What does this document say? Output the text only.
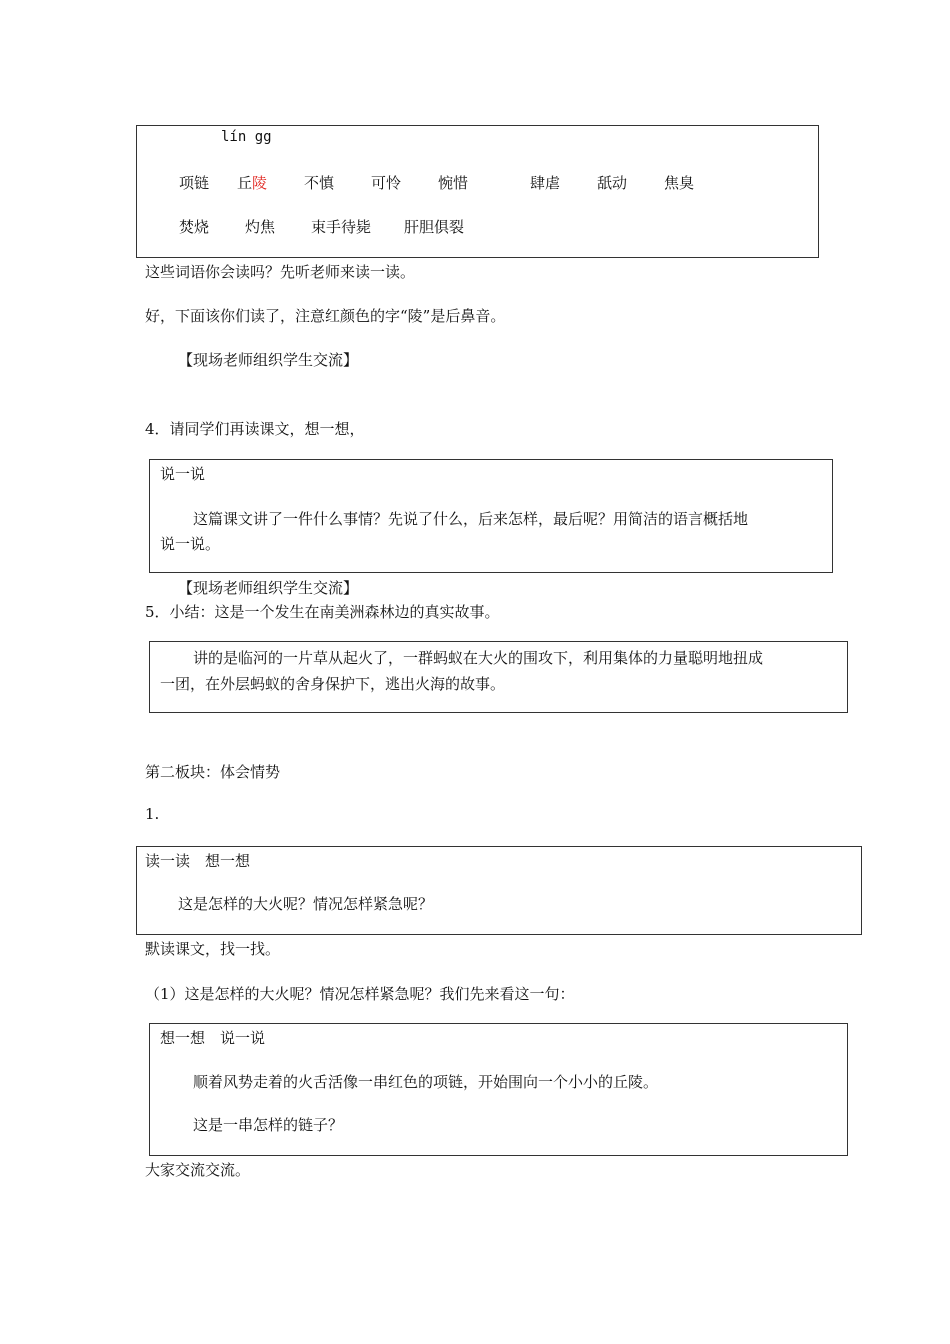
lín gg
项链 丘陵 不慎 可怜 惋惜	肆虐 舐动 焦臭
焚烧 灼焦 束手待毙 肝胆俱裂
这些词语你会读吗？先听老师来读一读。
好，下面该你们读了，注意红颜色的字“陵”是后鼻音。
【现场老师组织学生交流】
4．请同学们再读课文，想一想，
说一说
这篇课文讲了一件什么事情？先说了什么，后来怎样，最后呢？用简洁的语言概括地
说一说。
【现场老师组织学生交流】
5．小结：这是一个发生在南美洲森林边的真实故事。
讲的是临河的一片草从起火了，一群蚂蚁在大火的围攻下，利用集体的力量聪明地扭成
一团，在外层蚂蚁的舍身保护下，逃出火海的故事。
第二板块：体会情势
1.
读一读　想一想
这是怎样的大火呢？情况怎样紧急呢？
默读课文，找一找。
（1）这是怎样的大火呢？情况怎样紧急呢？我们先来看这一句：
想一想　说一说
顺着风势走着的火舌活像一串红色的项链，开始围向一个小小的丘陵。
这是一串怎样的链子？
大家交流交流。
